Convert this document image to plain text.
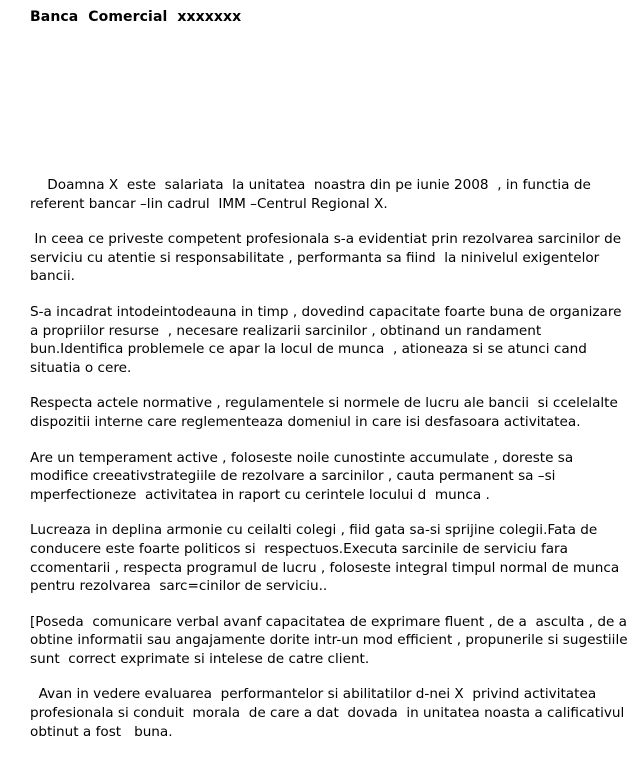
Banca  Comercial  xxxxxxx

Doamna X  este  salariata  la unitatea  noastra din pe iunie 2008  , in functia de referent bancar –lin cadrul  IMM –Centrul Regional X.

In ceea ce priveste competent profesionala s-a evidentiat prin rezolvarea sarcinilor de serviciu cu atentie si responsabilitate , performanta sa fiind  la ninivelul exigentelor bancii.

S-a incadrat intodeintodeauna in timp , dovedind capacitate foarte buna de organizare a propriilor resurse  , necesare realizarii sarcinilor , obtinand un randament bun.Identifica problemele ce apar la locul de munca  , ationeaza si se atunci cand situatia o cere.

Respecta actele normative , regulamentele si normele de lucru ale bancii  si ccelelalte dispozitii interne care reglementeaza domeniul in care isi desfasoara activitatea.

Are un temperament active , foloseste noile cunostinte accumulate , doreste sa modifice creeativstrategiile de rezolvare a sarcinilor , cauta permanent sa –si mperfectioneze  activitatea in raport cu cerintele locului d  munca .

Lucreaza in deplina armonie cu ceilalti colegi , fiid gata sa-si sprijine colegii.Fata de conducere este foarte politicos si  respectuos.Executa sarcinile de serviciu fara ccomentarii , respecta programul de lucru , foloseste integral timpul normal de munca pentru rezolvarea  sarc=cinilor de serviciu..

[Poseda  comunicare verbal avanf capacitatea de exprimare fluent , de a  asculta , de a obtine informatii sau angajamente dorite intr-un mod efficient , propunerile si sugestiile sunt  correct exprimate si intelese de catre client.

Avan in vedere evaluarea  performantelor si abilitatilor d-nei X  privind activitatea profesionala si conduit  morala  de care a dat  dovada  in unitatea noasta a calificativul obtinut a fost   buna.
